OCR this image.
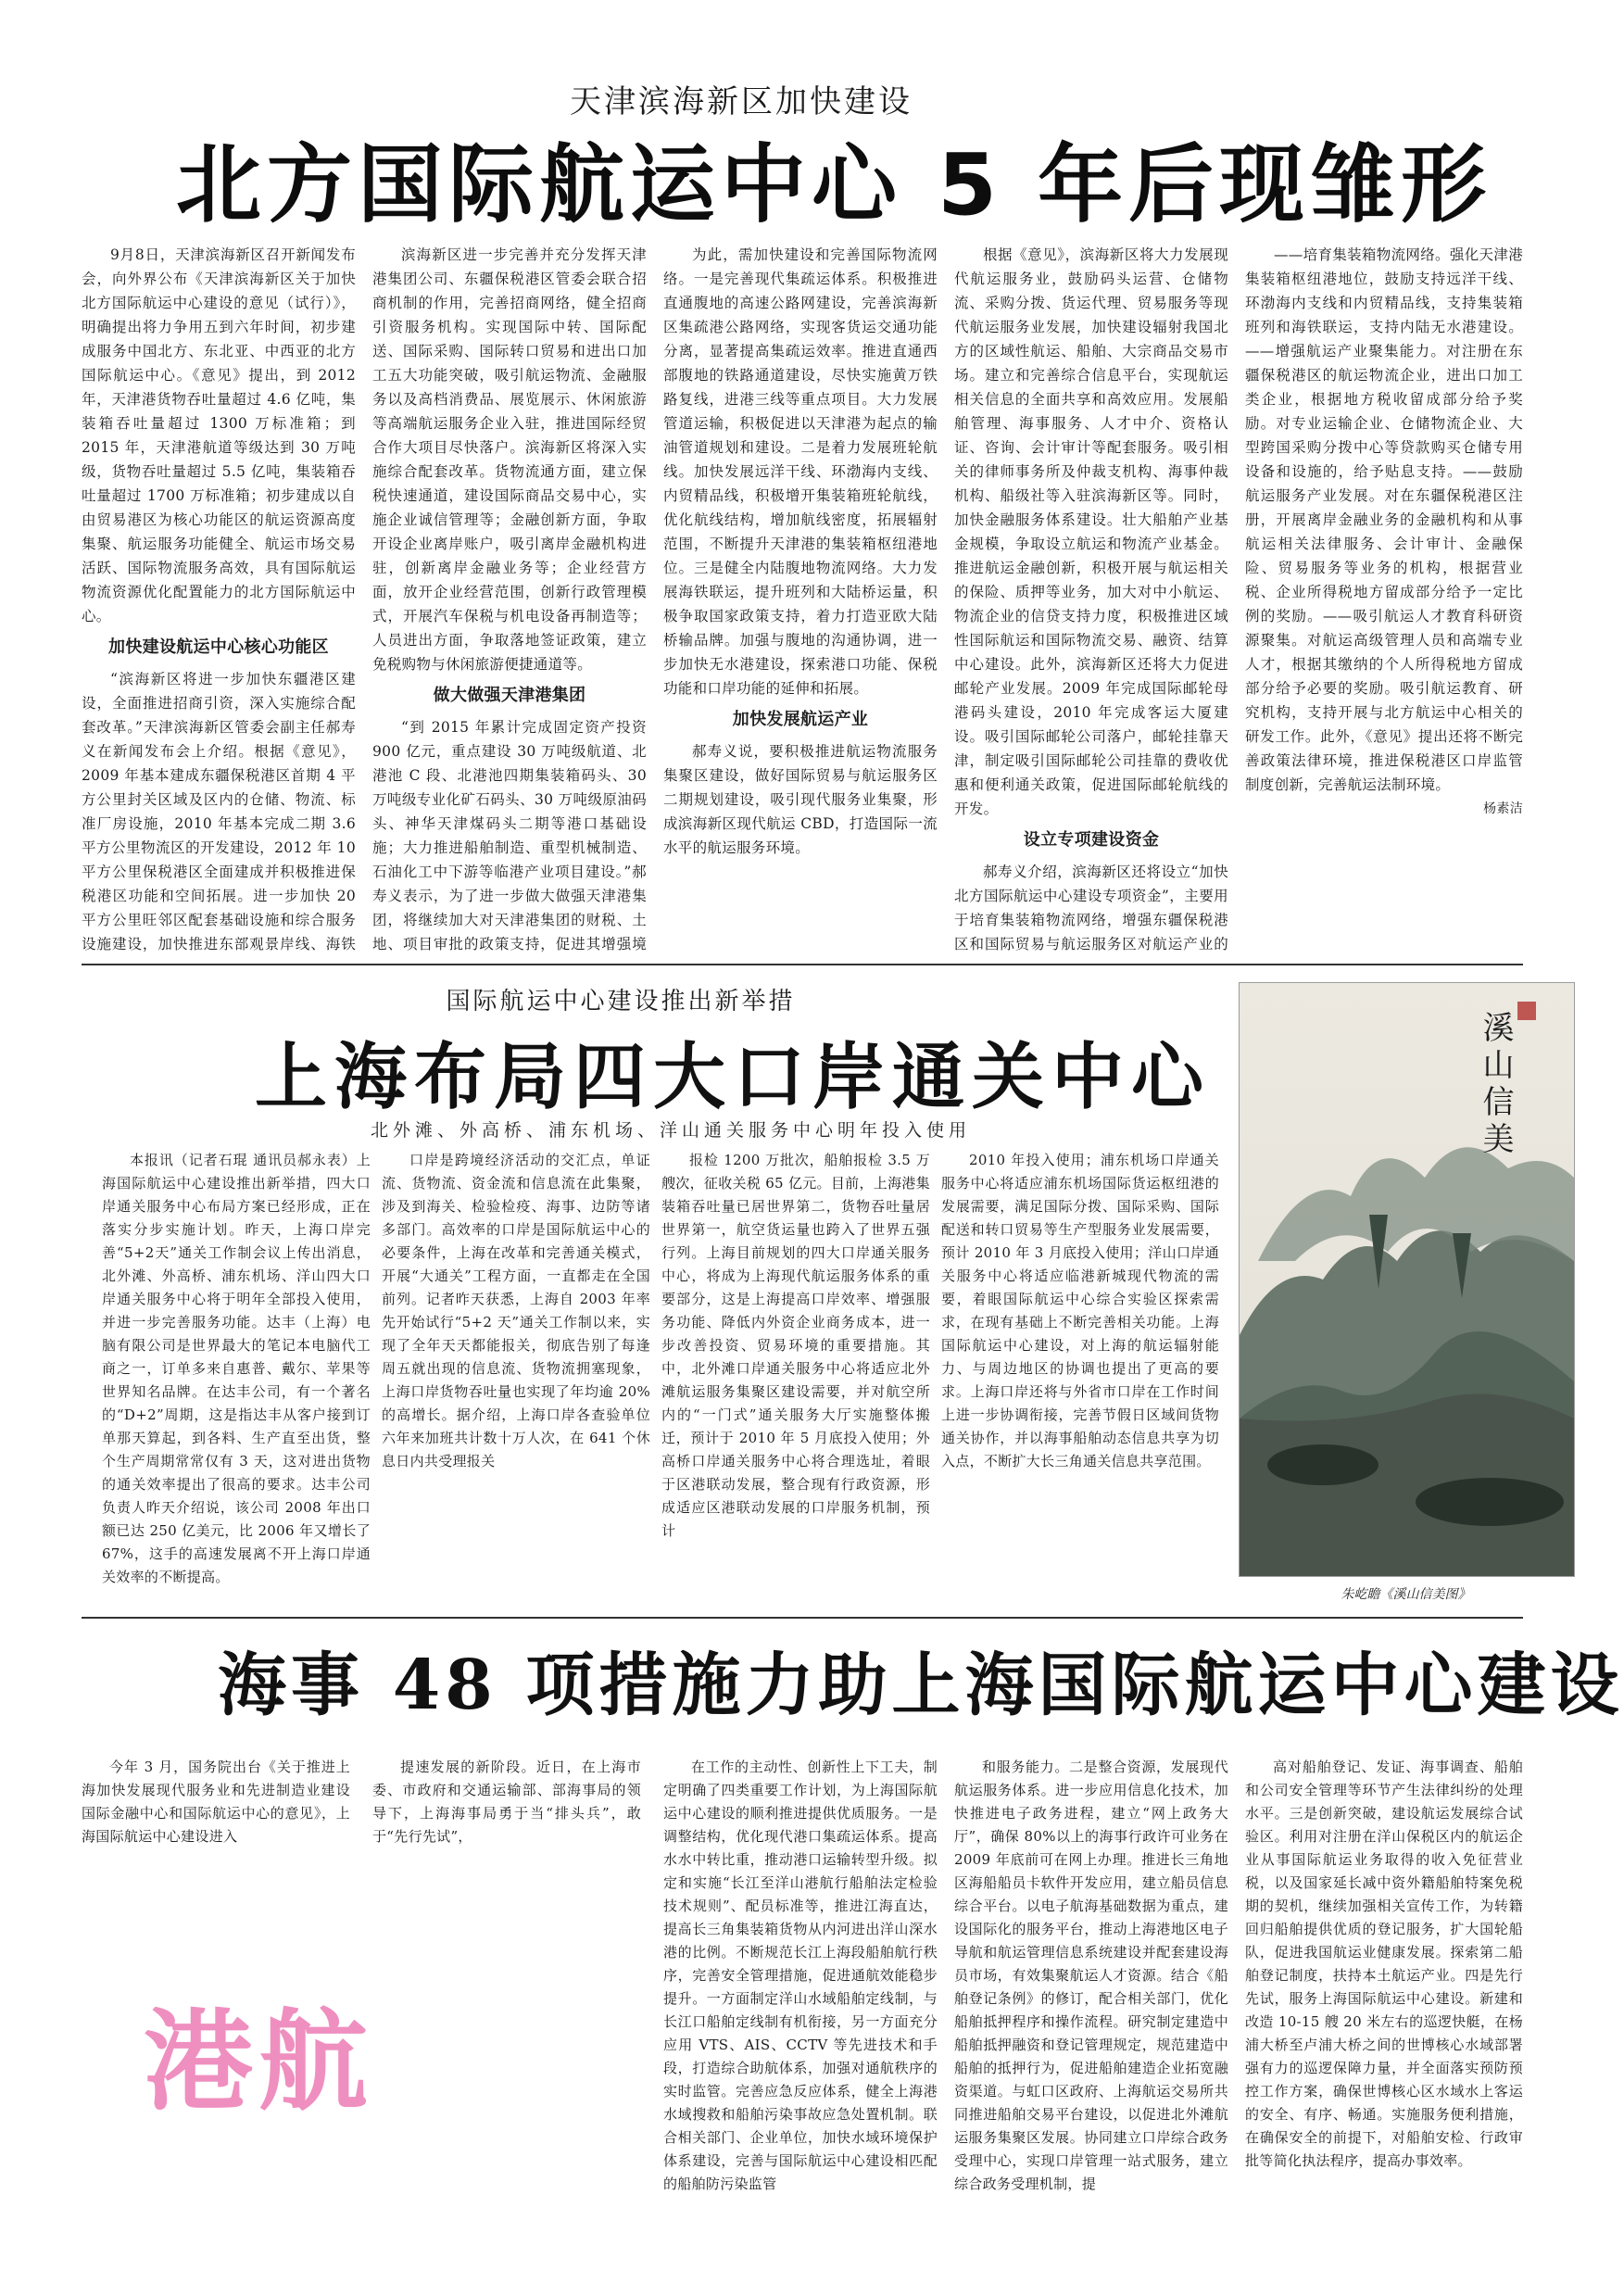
天津滨海新区加快建设
北方国际航运中心 5 年后现雏形

9月8日，天津滨海新区召开新闻发布会，向外界公布《天津滨海新区关于加快北方国际航运中心建设的意见（试行）》，明确提出将力争用五到六年时间，初步建成服务中国北方、东北亚、中西亚的北方国际航运中心。《意见》提出，到 2012 年，天津港货物吞吐量超过 4.6 亿吨，集装箱吞吐量超过 1300 万标准箱；到 2015 年，天津港航道等级达到 30 万吨级，货物吞吐量超过 5.5 亿吨，集装箱吞吐量超过 1700 万标准箱；初步建成以自由贸易港区为核心功能区的航运资源高度集聚、航运服务功能健全、航运市场交易活跃、国际物流服务高效，具有国际航运物流资源优化配置能力的北方国际航运中心。

加快建设航运中心核心功能区

“滨海新区将进一步加快东疆港区建设，全面推进招商引资，深入实施综合配套改革。”天津滨海新区管委会副主任郝寿义在新闻发布会上介绍。根据《意见》，2009 年基本建成东疆保税港区首期 4 平方公里封关区域及区内的仓储、物流、标准厂房设施，2010 年基本完成二期 3.6 平方公里物流区的开发建设，2012 年 10 平方公里保税港区全面建成并积极推进保税港区功能和空间拓展。进一步加快 20 平方公里旺邻区配套基础设施和综合服务设施建设，加快推进东部观景岸线、海铁

滨海新区进一步完善并充分发挥天津港集团公司、东疆保税港区管委会联合招商机制的作用，完善招商网络，健全招商引资服务机构。实现国际中转、国际配送、国际采购、国际转口贸易和进出口加工五大功能突破，吸引航运物流、金融服务以及高档消费品、展览展示、休闲旅游等高端航运服务企业入驻，推进国际经贸合作大项目尽快落户。滨海新区将深入实施综合配套改革。货物流通方面，建立保税快速通道，建设国际商品交易中心，实施企业诚信管理等；金融创新方面，争取开设企业离岸账户，吸引离岸金融机构进驻，创新离岸金融业务等；企业经营方面，放开企业经营范围，创新行政管理模式，开展汽车保税与机电设备再制造等；人员进出方面，争取落地签证政策，建立免税购物与休闲旅游便捷通道等。

做大做强天津港集团

“到 2015 年累计完成固定资产投资 900 亿元，重点建设 30 万吨级航道、北港池 C 段、北港池四期集装箱码头、30 万吨级专业化矿石码头、30 万吨级原油码头、神华天津煤码头二期等港口基础设施；大力推进船舶制造、重型机械制造、石油化工中下游等临港产业项目建设。”郝寿义表示，为了进一步做大做强天津港集团，将继续加大对天津港集团的财税、土地、项目审批的政策支持，促进其增强境

为此，需加快建设和完善国际物流网络。一是完善现代集疏运体系。积极推进直通腹地的高速公路网建设，完善滨海新区集疏港公路网络，实现客货运交通功能分离，显著提高集疏运效率。推进直通西部腹地的铁路通道建设，尽快实施黄万铁路复线，进港三线等重点项目。大力发展管道运输，积极促进以天津港为起点的输油管道规划和建设。二是着力发展班轮航线。加快发展远洋干线、环渤海内支线、内贸精品线，积极增开集装箱班轮航线，优化航线结构，增加航线密度，拓展辐射范围，不断提升天津港的集装箱枢纽港地位。三是健全内陆腹地物流网络。大力发展海铁联运，提升班列和大陆桥运量，积极争取国家政策支持，着力打造亚欧大陆桥输品牌。加强与腹地的沟通协调，进一步加快无水港建设，探索港口功能、保税功能和口岸功能的延伸和拓展。

加快发展航运产业

郝寿义说，要积极推进航运物流服务集聚区建设，做好国际贸易与航运服务区二期规划建设，吸引现代服务业集聚，形成滨海新区现代航运 CBD，打造国际一流水平的航运服务环境。

根据《意见》，滨海新区将大力发展现代航运服务业，鼓励码头运营、仓储物流、采购分拨、货运代理、贸易服务等现代航运服务业发展，加快建设辐射我国北方的区域性航运、船舶、大宗商品交易市场。建立和完善综合信息平台，实现航运相关信息的全面共享和高效应用。发展船舶管理、海事服务、人才中介、资格认证、咨询、会计审计等配套服务。吸引相关的律师事务所及仲裁支机构、海事仲裁机构、船级社等入驻滨海新区等。同时，加快金融服务体系建设。壮大船舶产业基金规模，争取设立航运和物流产业基金。推进航运金融创新，积极开展与航运相关的保险、质押等业务，加大对中小航运、物流企业的信贷支持力度，积极推进区域性国际航运和国际物流交易、融资、结算中心建设。此外，滨海新区还将大力促进邮轮产业发展。2009 年完成国际邮轮母港码头建设，2010 年完成客运大厦建设。吸引国际邮轮公司落户，邮轮挂靠天津，制定吸引国际邮轮公司挂靠的费收优惠和便利通关政策，促进国际邮轮航线的开发。

设立专项建设资金

郝寿义介绍，滨海新区还将设立“加快北方国际航运中心建设专项资金”，主要用于培育集装箱物流网络，增强东疆保税港区和国际贸易与航运服务区对航运产业的

——培育集装箱物流网络。强化天津港集装箱枢纽港地位，鼓励支持远洋干线、环渤海内支线和内贸精品线，支持集装箱班列和海铁联运，支持内陆无水港建设。——增强航运产业聚集能力。对注册在东疆保税港区的航运物流企业，进出口加工类企业，根据地方税收留成部分给予奖励。对专业运输企业、仓储物流企业、大型跨国采购分拨中心等贷款购买仓储专用设备和设施的，给予贴息支持。——鼓励航运服务产业发展。对在东疆保税港区注册，开展离岸金融业务的金融机构和从事航运相关法律服务、会计审计、金融保险、贸易服务等业务的机构，根据营业税、企业所得税地方留成部分给予一定比例的奖励。——吸引航运人才教育科研资源聚集。对航运高级管理人员和高端专业人才，根据其缴纳的个人所得税地方留成部分给予必要的奖励。吸引航运教育、研究机构，支持开展与北方航运中心相关的研发工作。此外，《意见》提出还将不断完善政策法律环境，推进保税港区口岸监管制度创新，完善航运法制环境。

杨素洁

国际航运中心建设推出新举措
上海布局四大口岸通关中心
北外滩、外高桥、浦东机场、洋山通关服务中心明年投入使用

本报讯（记者石琨 通讯员郝永表）上海国际航运中心建设推出新举措，四大口岸通关服务中心布局方案已经形成，正在落实分步实施计划。昨天，上海口岸完善“5+2天”通关工作制会议上传出消息，北外滩、外高桥、浦东机场、洋山四大口岸通关服务中心将于明年全部投入使用，并进一步完善服务功能。达丰（上海）电脑有限公司是世界最大的笔记本电脑代工商之一，订单多来自惠普、戴尔、苹果等世界知名品牌。在达丰公司，有一个著名的“D+2”周期，这是指达丰从客户接到订单那天算起，到各料、生产直至出货，整个生产周期常常仅有 3 天，这对进出货物的通关效率提出了很高的要求。达丰公司负责人昨天介绍说，该公司 2008 年出口额已达 250 亿美元，比 2006 年又增长了 67%，这手的高速发展离不开上海口岸通关效率的不断提高。

口岸是跨境经济活动的交汇点，单证流、货物流、资金流和信息流在此集聚，涉及到海关、检验检疫、海事、边防等诸多部门。高效率的口岸是国际航运中心的必要条件，上海在改革和完善通关模式，开展“大通关”工程方面，一直都走在全国前列。记者昨天获悉，上海自 2003 年率先开始试行“5+2 天”通关工作制以来，实现了全年天天都能报关，彻底告别了每逢周五就出现的信息流、货物流拥塞现象，上海口岸货物吞吐量也实现了年均逾 20%的高增长。据介绍，上海口岸各查验单位六年来加班共计数十万人次，在 641 个休息日内共受理报关

报检 1200 万批次，船舶报检 3.5 万艘次，征收关税 65 亿元。目前，上海港集装箱吞吐量已居世界第二，货物吞吐量居世界第一，航空货运量也跨入了世界五强行列。上海目前规划的四大口岸通关服务中心，将成为上海现代航运服务体系的重要部分，这是上海提高口岸效率、增强服务功能、降低内外资企业商务成本，进一步改善投资、贸易环境的重要措施。其中，北外滩口岸通关服务中心将适应北外滩航运服务集聚区建设需要，并对航空所内的“一门式”通关服务大厅实施整体搬迁，预计于 2010 年 5 月底投入使用；外高桥口岸通关服务中心将合理选址，着眼于区港联动发展，整合现有行政资源，形成适应区港联动发展的口岸服务机制，预计

2010 年投入使用；浦东机场口岸通关服务中心将适应浦东机场国际货运枢纽港的发展需要，满足国际分拨、国际采购、国际配送和转口贸易等生产型服务业发展需要，预计 2010 年 3 月底投入使用；洋山口岸通关服务中心将适应临港新城现代物流的需要，着眼国际航运中心综合实验区探索需求，在现有基础上不断完善相关功能。上海国际航运中心建设，对上海的航运辐射能力、与周边地区的协调也提出了更高的要求。上海口岸还将与外省市口岸在工作时间上进一步协调衔接，完善节假日区域间货物通关协作，并以海事船舶动态信息共享为切入点，不断扩大长三角通关信息共享范围。

溪山信美
朱屹瞻《溪山信美图》
海事 48 项措施力助上海国际航运中心建设

今年 3 月，国务院出台《关于推进上海加快发展现代服务业和先进制造业建设国际金融中心和国际航运中心的意见》，上海国际航运中心建设进入

提速发展的新阶段。近日，在上海市委、市政府和交通运输部、部海事局的领导下，上海海事局勇于当“排头兵”，敢于“先行先试”，

港航

在工作的主动性、创新性上下工夫，制定明确了四类重要工作计划，为上海国际航运中心建设的顺利推进提供优质服务。一是调整结构，优化现代港口集疏运体系。提高水水中转比重，推动港口运输转型升级。拟定和实施“长江至洋山港航行船舶法定检验技术规则”、配员标准等，推进江海直达，提高长三角集装箱货物从内河进出洋山深水港的比例。不断规范长江上海段船舶航行秩序，完善安全管理措施，促进通航效能稳步提升。一方面制定洋山水域船舶定线制，与长江口船舶定线制有机衔接，另一方面充分应用 VTS、AIS、CCTV 等先进技术和手段，打造综合助航体系，加强对通航秩序的实时监管。完善应急反应体系，健全上海港水域搜救和船舶污染事故应急处置机制。联合相关部门、企业单位，加快水域环境保护体系建设，完善与国际航运中心建设相匹配的船舶防污染监管

和服务能力。二是整合资源，发展现代航运服务体系。进一步应用信息化技术，加快推进电子政务进程，建立“网上政务大厅”，确保 80%以上的海事行政许可业务在 2009 年底前可在网上办理。推进长三角地区海船船员卡软件开发应用，建立船员信息综合平台。以电子航海基础数据为重点，建设国际化的服务平台，推动上海港地区电子导航和航运管理信息系统建设并配套建设海员市场，有效集聚航运人才资源。结合《船舶登记条例》的修订，配合相关部门，优化船舶抵押程序和操作流程。研究制定建造中船舶抵押融资和登记管理规定，规范建造中船舶的抵押行为，促进船舶建造企业拓宽融资渠道。与虹口区政府、上海航运交易所共同推进船舶交易平台建设，以促进北外滩航运服务集聚区发展。协同建立口岸综合政务受理中心，实现口岸管理一站式服务，建立综合政务受理机制，提

高对船舶登记、发证、海事调查、船舶和公司安全管理等环节产生法律纠纷的处理水平。三是创新突破，建设航运发展综合试验区。利用对注册在洋山保税区内的航运企业从事国际航运业务取得的收入免征营业税，以及国家延长减中资外籍船舶特案免税期的契机，继续加强相关宣传工作，为转籍回归船舶提供优质的登记服务，扩大国轮船队，促进我国航运业健康发展。探索第二船舶登记制度，扶持本土航运产业。四是先行先试，服务上海国际航运中心建设。新建和改造 10-15 艘 20 米左右的巡逻快艇，在杨浦大桥至卢浦大桥之间的世博核心水域部署强有力的巡逻保障力量，并全面落实预防预控工作方案，确保世博核心区水域水上客运的安全、有序、畅通。实施服务便利措施，在确保安全的前提下，对船舶安检、行政审批等简化执法程序，提高办事效率。
